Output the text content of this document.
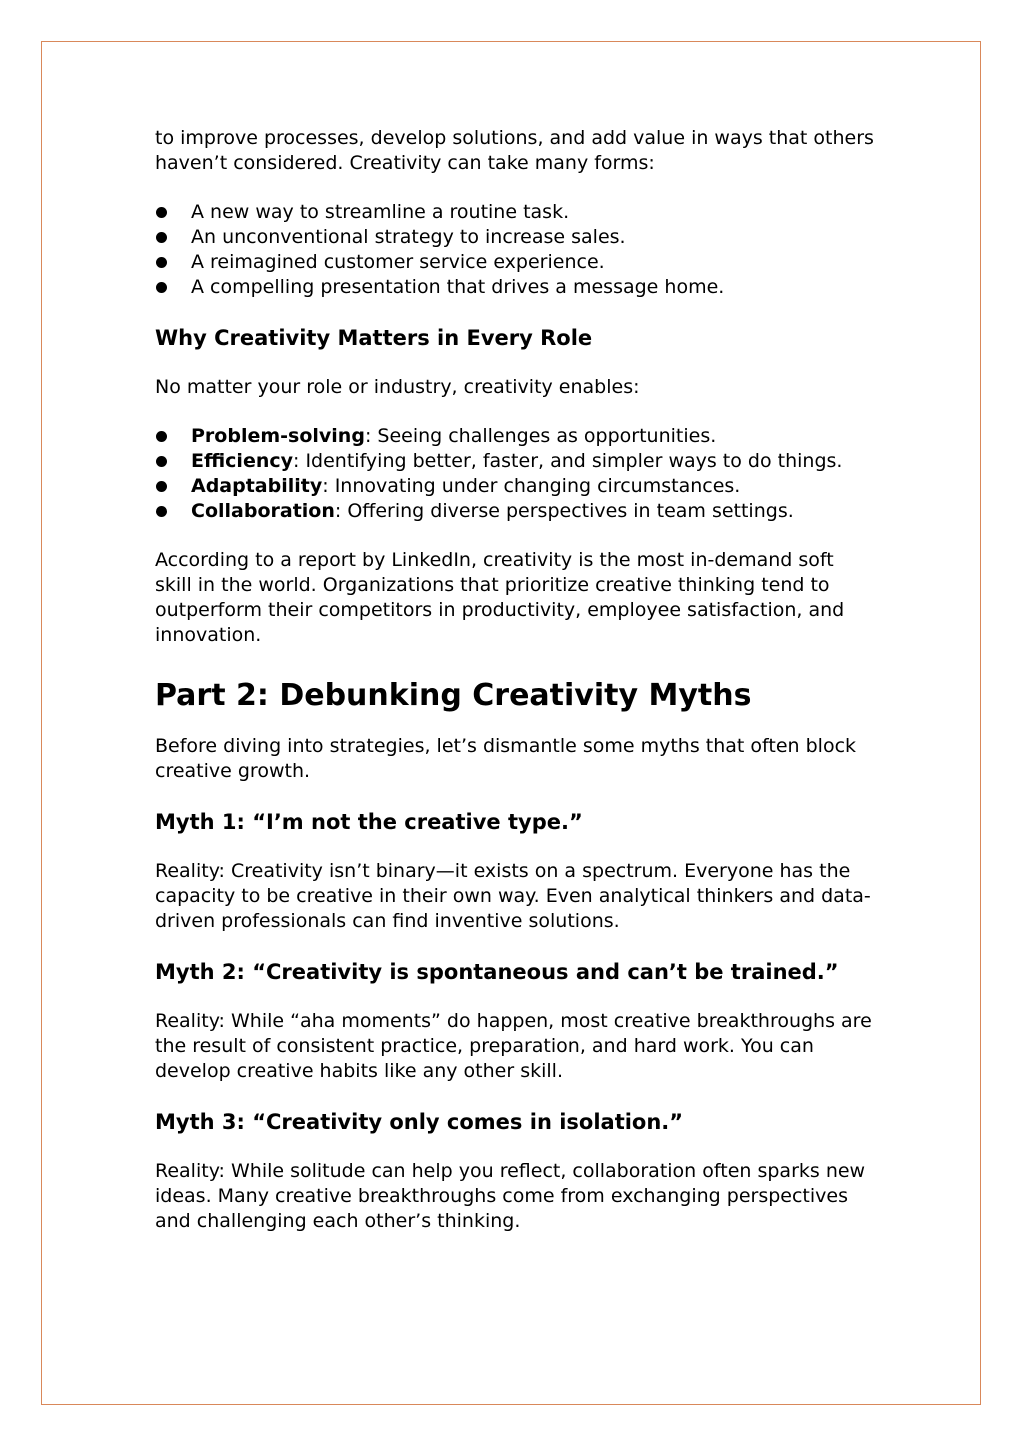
to improve processes, develop solutions, and add value in ways that others haven’t considered. Creativity can take many forms:

A new way to streamline a routine task.
An unconventional strategy to increase sales.
A reimagined customer service experience.
A compelling presentation that drives a message home.
Why Creativity Matters in Every Role

No matter your role or industry, creativity enables:

Problem-solving: Seeing challenges as opportunities.
Efficiency: Identifying better, faster, and simpler ways to do things.
Adaptability: Innovating under changing circumstances.
Collaboration: Offering diverse perspectives in team settings.

According to a report by LinkedIn, creativity is the most in-demand soft skill in the world. Organizations that prioritize creative thinking tend to outperform their competitors in productivity, employee satisfaction, and innovation.

Part 2: Debunking Creativity Myths

Before diving into strategies, let’s dismantle some myths that often block creative growth.

Myth 1: “I’m not the creative type.”

Reality: Creativity isn’t binary—it exists on a spectrum. Everyone has the capacity to be creative in their own way. Even analytical thinkers and data-driven professionals can find inventive solutions.

Myth 2: “Creativity is spontaneous and can’t be trained.”

Reality: While “aha moments” do happen, most creative breakthroughs are the result of consistent practice, preparation, and hard work. You can develop creative habits like any other skill.

Myth 3: “Creativity only comes in isolation.”

Reality: While solitude can help you reflect, collaboration often sparks new ideas. Many creative breakthroughs come from exchanging perspectives and challenging each other’s thinking.
